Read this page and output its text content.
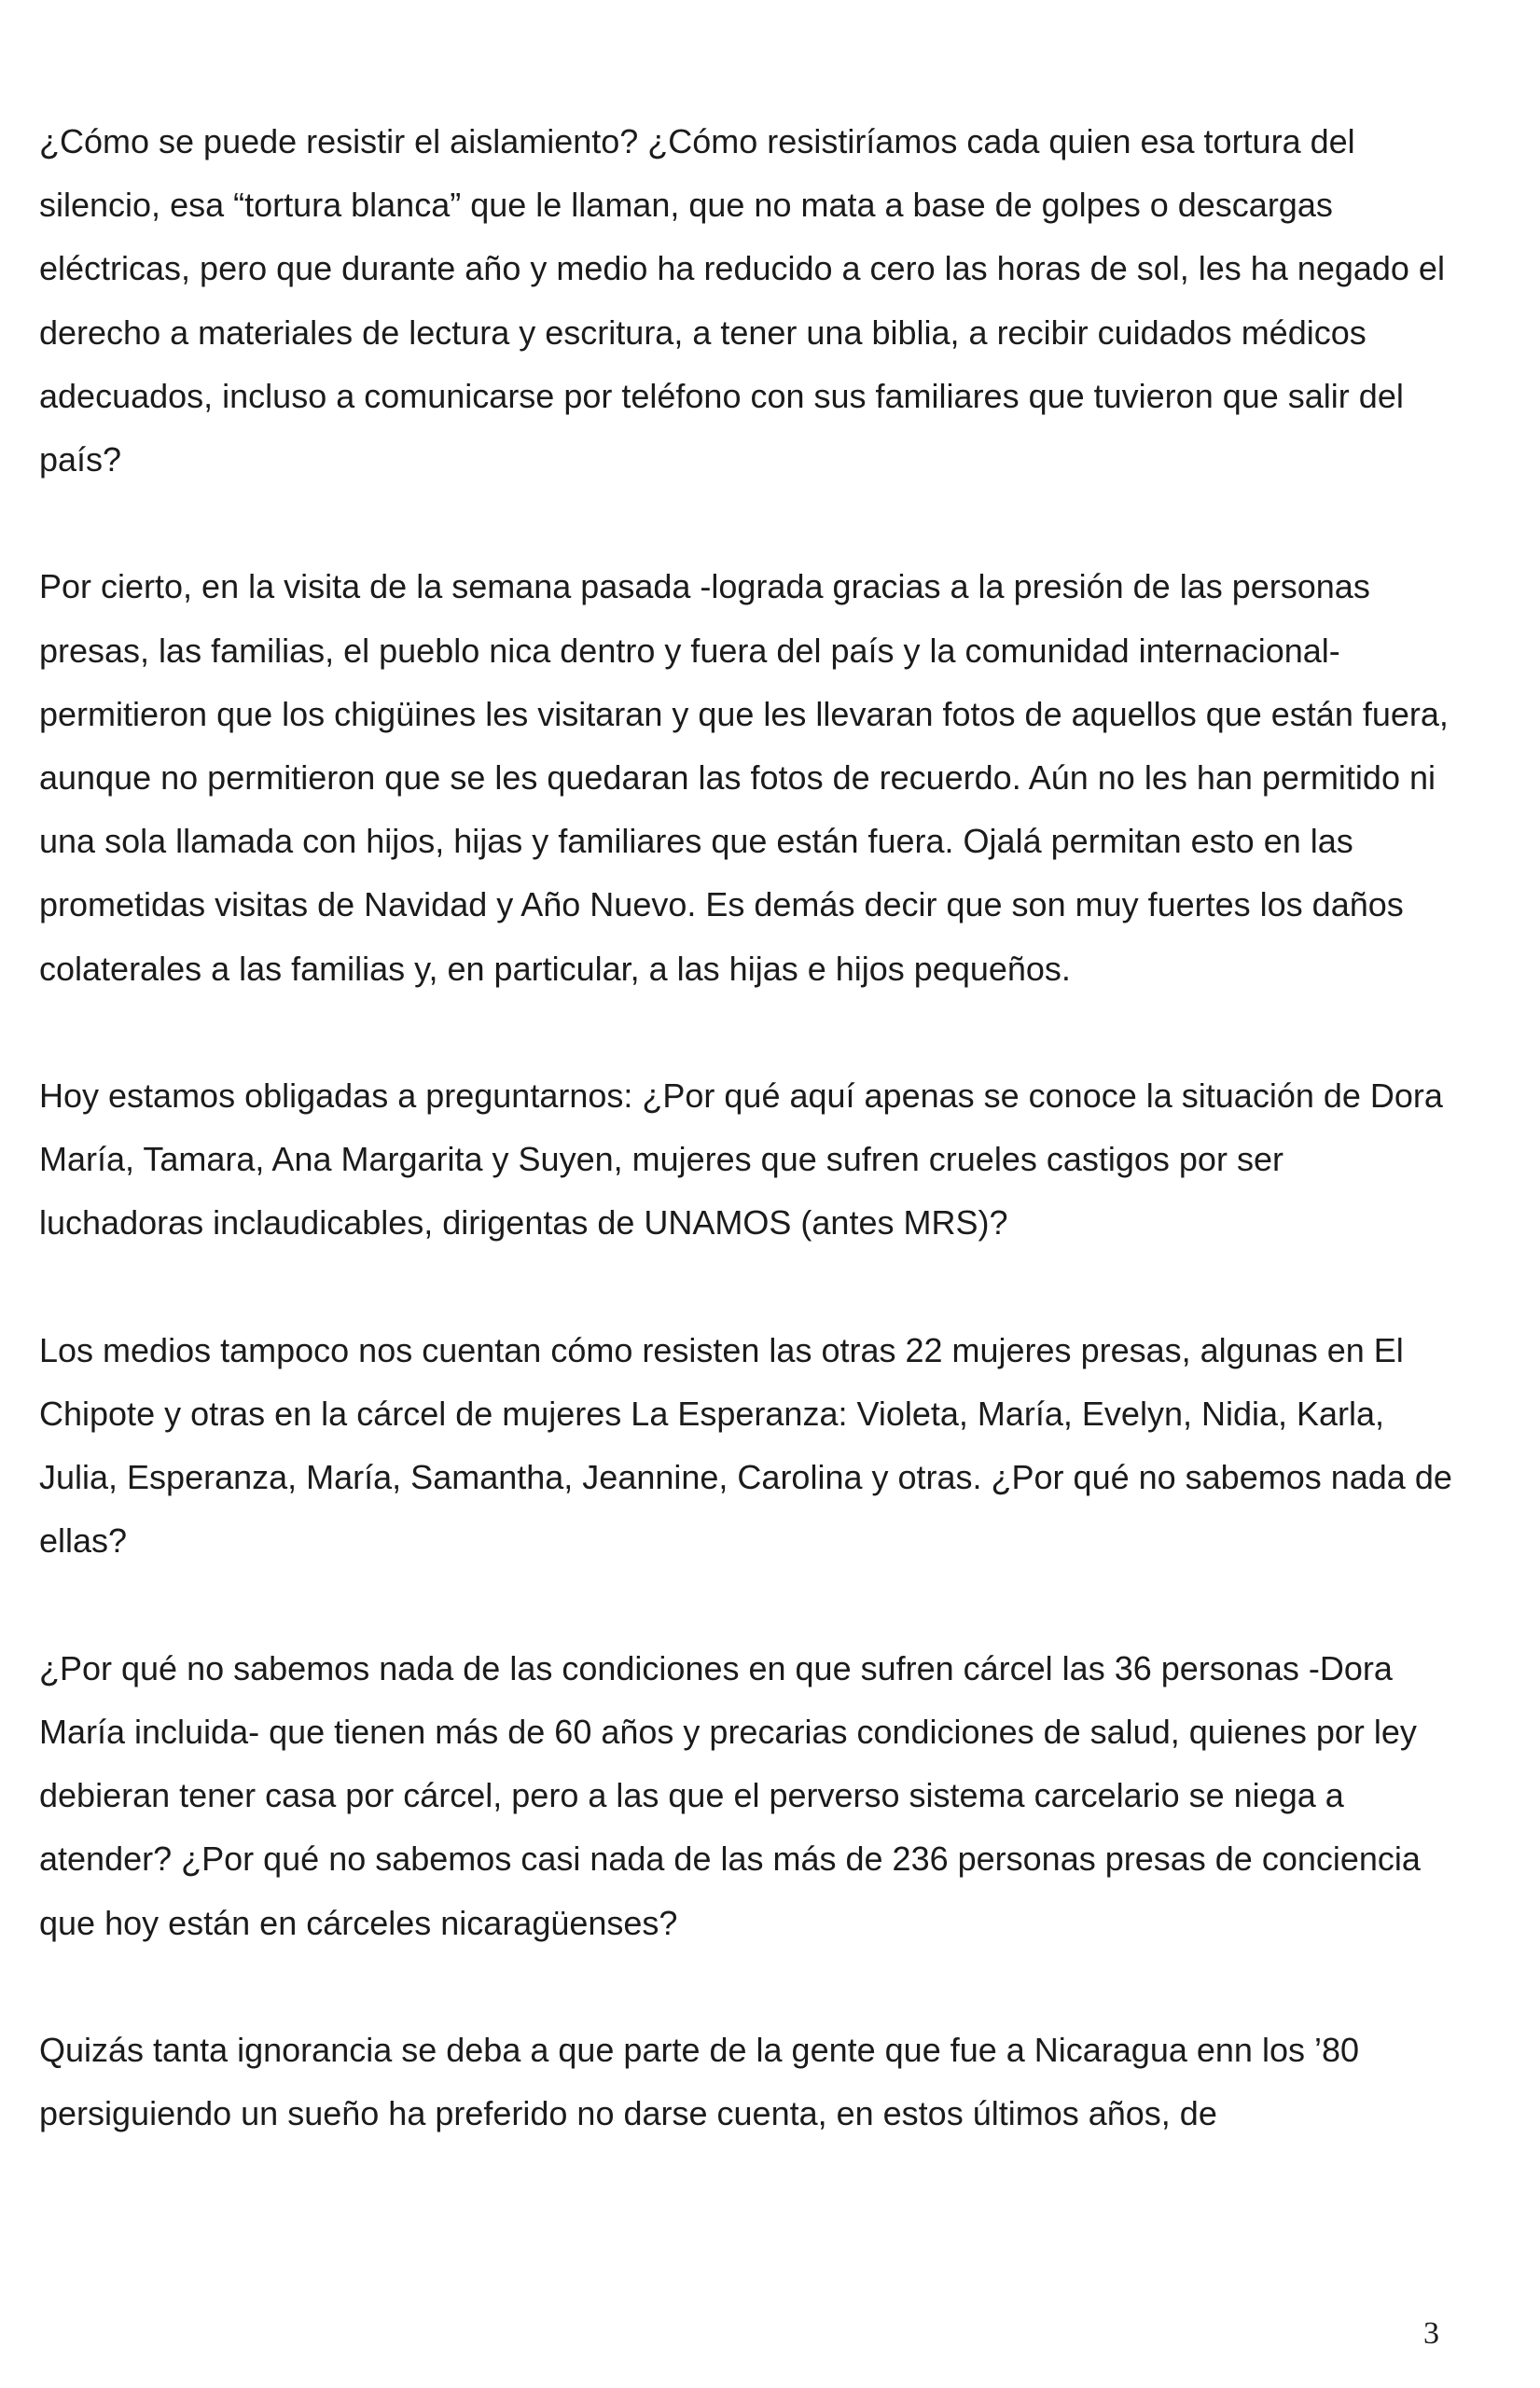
¿Cómo se puede resistir el aislamiento? ¿Cómo resistiríamos cada quien esa tortura del silencio, esa “tortura blanca” que le llaman, que no mata a base de golpes o descargas eléctricas, pero que durante año y medio ha reducido a cero las horas de sol, les ha negado el derecho a materiales de lectura y escritura, a tener una biblia, a recibir cuidados médicos adecuados, incluso a comunicarse por teléfono con sus familiares que tuvieron que salir del país?

Por cierto, en la visita de la semana pasada -lograda gracias a la presión de las personas presas, las familias, el pueblo nica dentro y fuera del país y la comunidad internacional- permitieron que los chigüines les visitaran y que les llevaran fotos de aquellos que están fuera, aunque no permitieron que se les quedaran las fotos de recuerdo. Aún no les han permitido ni una sola llamada con hijos, hijas y familiares que están fuera. Ojalá permitan esto en las prometidas visitas de Navidad y Año Nuevo. Es demás decir que son muy fuertes los daños colaterales a las familias y, en particular, a las hijas e hijos pequeños.

Hoy estamos obligadas a preguntarnos: ¿Por qué aquí apenas se conoce la situación de Dora María, Tamara, Ana Margarita y Suyen, mujeres que sufren crueles castigos por ser luchadoras inclaudicables, dirigentas de UNAMOS (antes MRS)?

Los medios tampoco nos cuentan cómo resisten las otras 22 mujeres presas, algunas en El Chipote y otras en la cárcel de mujeres La Esperanza: Violeta, María, Evelyn, Nidia, Karla, Julia, Esperanza, María, Samantha, Jeannine, Carolina y otras. ¿Por qué no sabemos nada de ellas?

¿Por qué no sabemos nada de las condiciones en que sufren cárcel las 36 personas -Dora María incluida- que tienen más de 60 años y precarias condiciones de salud, quienes por ley debieran tener casa por cárcel, pero a las que el perverso sistema carcelario se niega a atender? ¿Por qué no sabemos casi nada de las más de 236 personas presas de conciencia que hoy están en cárceles nicaragüenses?

Quizás tanta ignorancia se deba a que parte de la gente que fue a Nicaragua enn los ’80 persiguiendo un sueño ha preferido no darse cuenta, en estos últimos años, de

3
